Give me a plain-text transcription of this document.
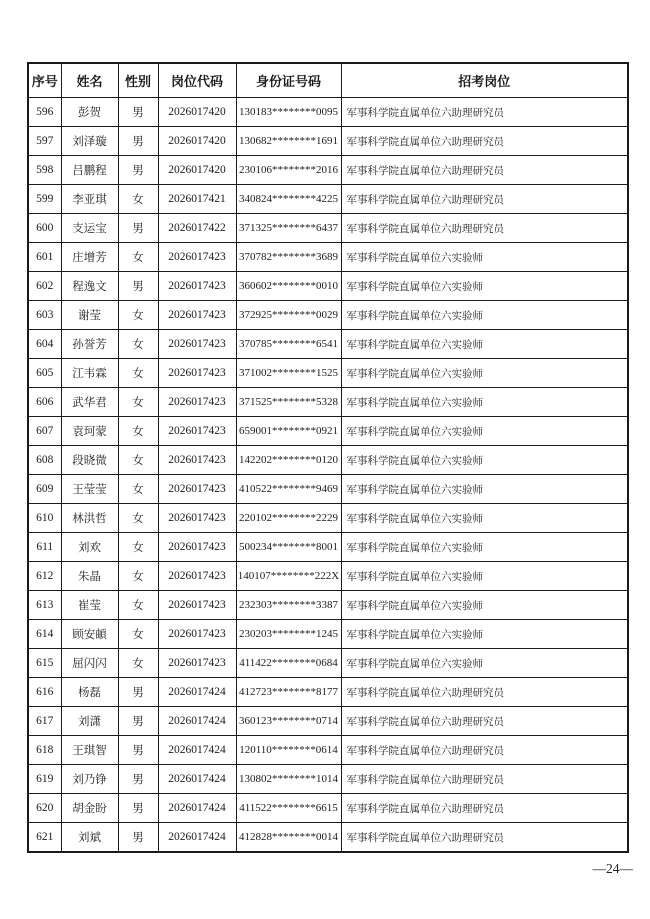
序号	姓名	性别	岗位代码	身份证号码	招考岗位
596	彭贺	男	2026017420	130183********0095	军事科学院直属单位六助理研究员
597	刘泽璇	男	2026017420	130682********1691	军事科学院直属单位六助理研究员
598	吕鹏程	男	2026017420	230106********2016	军事科学院直属单位六助理研究员
599	李亚琪	女	2026017421	340824********4225	军事科学院直属单位六助理研究员
600	支运宝	男	2026017422	371325********6437	军事科学院直属单位六助理研究员
601	庄增芳	女	2026017423	370782********3689	军事科学院直属单位六实验师
602	程逸文	男	2026017423	360602********0010	军事科学院直属单位六实验师
603	谢莹	女	2026017423	372925********0029	军事科学院直属单位六实验师
604	孙誉芳	女	2026017423	370785********6541	军事科学院直属单位六实验师
605	江韦霖	女	2026017423	371002********1525	军事科学院直属单位六实验师
606	武华君	女	2026017423	371525********5328	军事科学院直属单位六实验师
607	袁珂蒙	女	2026017423	659001********0921	军事科学院直属单位六实验师
608	段晓微	女	2026017423	142202********0120	军事科学院直属单位六实验师
609	王莹莹	女	2026017423	410522********9469	军事科学院直属单位六实验师
610	林洪哲	女	2026017423	220102********2229	军事科学院直属单位六实验师
611	刘欢	女	2026017423	500234********8001	军事科学院直属单位六实验师
612	朱晶	女	2026017423	140107********222X	军事科学院直属单位六实验师
613	崔莹	女	2026017423	232303********3387	军事科学院直属单位六实验师
614	顾安頔	女	2026017423	230203********1245	军事科学院直属单位六实验师
615	屈闪闪	女	2026017423	411422********0684	军事科学院直属单位六实验师
616	杨磊	男	2026017424	412723********8177	军事科学院直属单位六助理研究员
617	刘潇	男	2026017424	360123********0714	军事科学院直属单位六助理研究员
618	王琪智	男	2026017424	120110********0614	军事科学院直属单位六助理研究员
619	刘乃铮	男	2026017424	130802********1014	军事科学院直属单位六助理研究员
620	胡金盼	男	2026017424	411522********6615	军事科学院直属单位六助理研究员
621	刘斌	男	2026017424	412828********0014	军事科学院直属单位六助理研究员
—24—
